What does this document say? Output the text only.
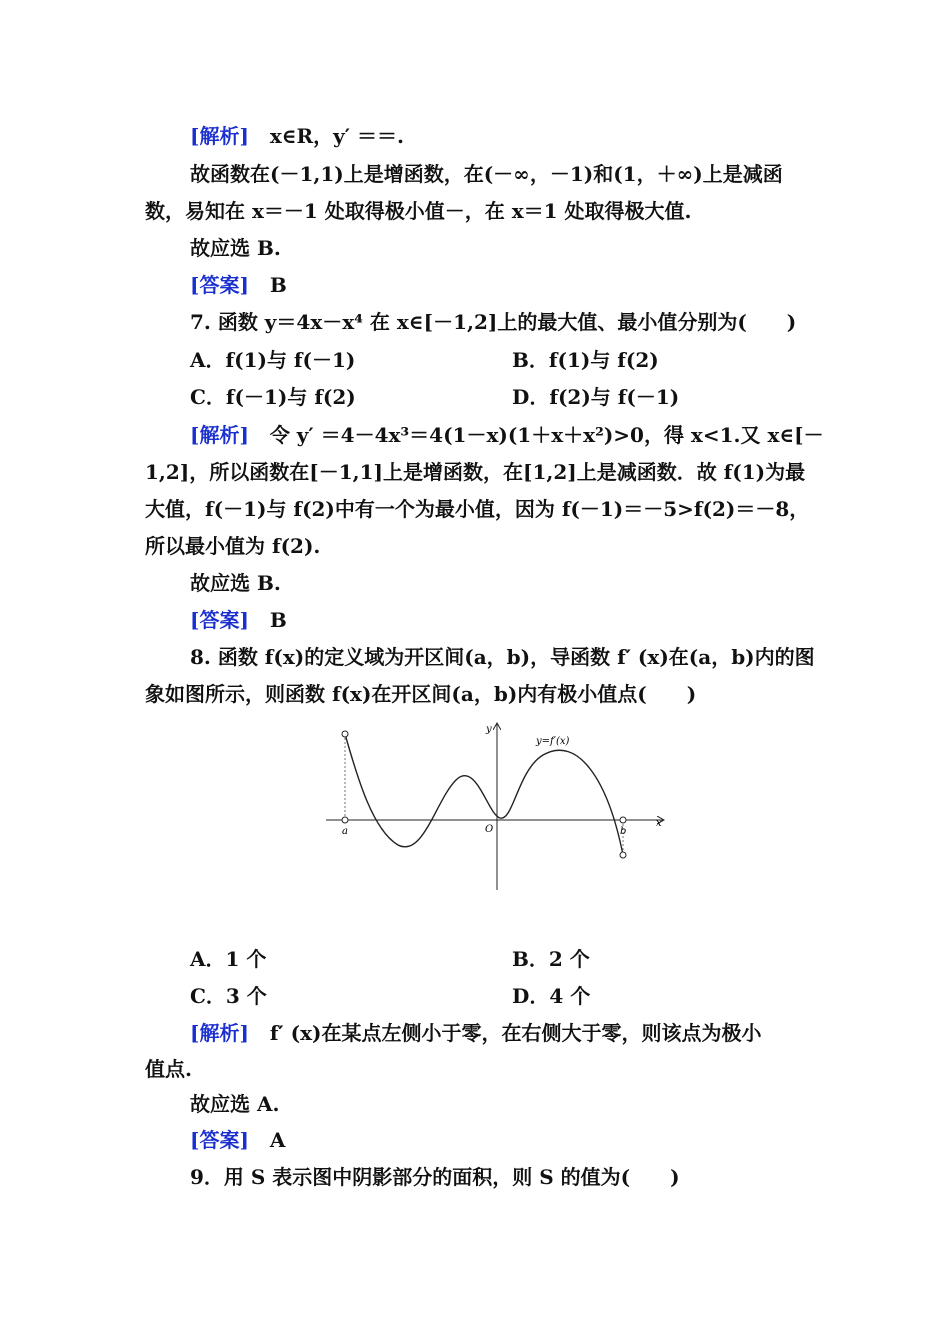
[解析] x∈R，y′ ＝＝.
故函数在(－1,1)上是增函数，在(－∞，－1)和(1，＋∞)上是减函
数，易知在 x＝－1 处取得极小值－，在 x＝1 处取得极大值.
故应选 B.
[答案] B
7. 函数 y＝4x－x⁴ 在 x∈[－1,2]上的最大值、最小值分别为(　　)
A．f(1)与 f(－1)	B．f(1)与 f(2)
C．f(－1)与 f(2)	D．f(2)与 f(－1)
[解析] 令 y′ ＝4－4x³＝4(1－x)(1＋x＋x²)>0，得 x<1.又 x∈[－
1,2]，所以函数在[－1,1]上是增函数，在[1,2]上是减函数．故 f(1)为最
大值，f(－1)与 f(2)中有一个为最小值，因为 f(－1)＝－5>f(2)＝－8，
所以最小值为 f(2).
故应选 B.
[答案] B
8. 函数 f(x)的定义域为开区间(a，b)，导函数 f′ (x)在(a，b)内的图
象如图所示，则函数 f(x)在开区间(a，b)内有极小值点(　　)
a	b
O
x
y
y=f′(x)
A．1 个	B．2 个
C．3 个	D．4 个
[解析] f′ (x)在某点左侧小于零，在右侧大于零，则该点为极小
值点.
故应选 A.
[答案] A
9．用 S 表示图中阴影部分的面积，则 S 的值为(　　)
